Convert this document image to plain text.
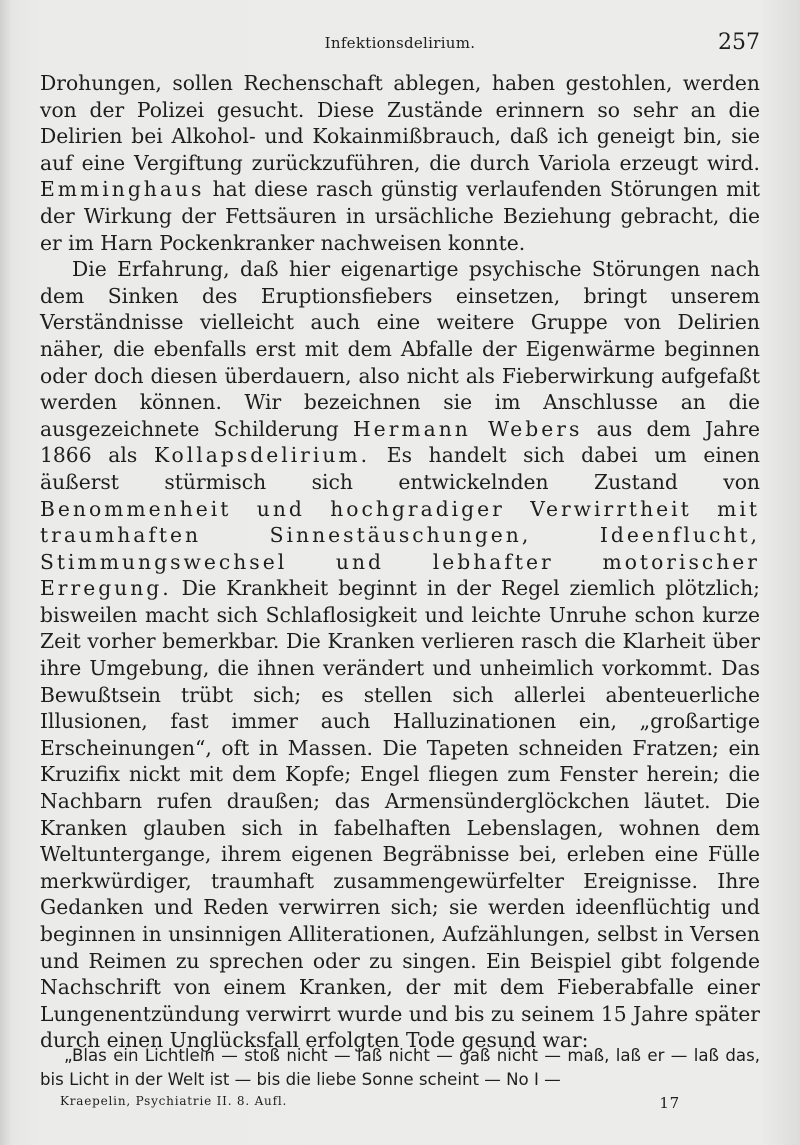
Infektionsdelirium.	257

Drohungen, sollen Rechenschaft ablegen, haben gestohlen, werden von der Polizei gesucht. Diese Zustände erinnern so sehr an die Delirien bei Alkohol- und Kokainmißbrauch, daß ich geneigt bin, sie auf eine Vergiftung zurückzuführen, die durch Variola erzeugt wird. Emminghaus hat diese rasch günstig verlaufenden Störungen mit der Wirkung der Fettsäuren in ursächliche Beziehung gebracht, die er im Harn Pockenkranker nachweisen konnte.

Die Erfahrung, daß hier eigenartige psychische Störungen nach dem Sinken des Eruptionsfiebers einsetzen, bringt unserem Verständnisse vielleicht auch eine weitere Gruppe von Delirien näher, die ebenfalls erst mit dem Abfalle der Eigenwärme beginnen oder doch diesen überdauern, also nicht als Fieberwirkung aufgefaßt werden können. Wir bezeichnen sie im Anschlusse an die ausgezeichnete Schilderung Hermann Webers aus dem Jahre 1866 als Kollapsdelirium. Es handelt sich dabei um einen äußerst stürmisch sich entwickelnden Zustand von Benommenheit und hochgradiger Verwirrtheit mit traumhaften Sinnestäuschungen, Ideenflucht, Stimmungswechsel und lebhafter motorischer Erregung. Die Krankheit beginnt in der Regel ziemlich plötzlich; bisweilen macht sich Schlaflosigkeit und leichte Unruhe schon kurze Zeit vorher bemerkbar. Die Kranken verlieren rasch die Klarheit über ihre Umgebung, die ihnen verändert und unheimlich vorkommt. Das Bewußtsein trübt sich; es stellen sich allerlei abenteuerliche Illusionen, fast immer auch Halluzinationen ein, „großartige Erscheinungen“, oft in Massen. Die Tapeten schneiden Fratzen; ein Kruzifix nickt mit dem Kopfe; Engel fliegen zum Fenster herein; die Nachbarn rufen draußen; das Armensünderglöckchen läutet. Die Kranken glauben sich in fabelhaften Lebenslagen, wohnen dem Weltuntergange, ihrem eigenen Begräbnisse bei, erleben eine Fülle merkwürdiger, traumhaft zusammengewürfelter Ereignisse. Ihre Gedanken und Reden verwirren sich; sie werden ideenflüchtig und beginnen in unsinnigen Alliterationen, Aufzählungen, selbst in Versen und Reimen zu sprechen oder zu singen. Ein Beispiel gibt folgende Nachschrift von einem Kranken, der mit dem Fieberabfalle einer Lungenentzündung verwirrt wurde und bis zu seinem 15 Jahre später durch einen Unglücksfall erfolgten Tode gesund war:

„Blas ein Lichtlein — stoß nicht — laß nicht — gaß nicht — maß, laß er — laß das, bis Licht in der Welt ist — bis die liebe Sonne scheint — No I —
Kraepelin, Psychiatrie II. 8. Aufl.	17
